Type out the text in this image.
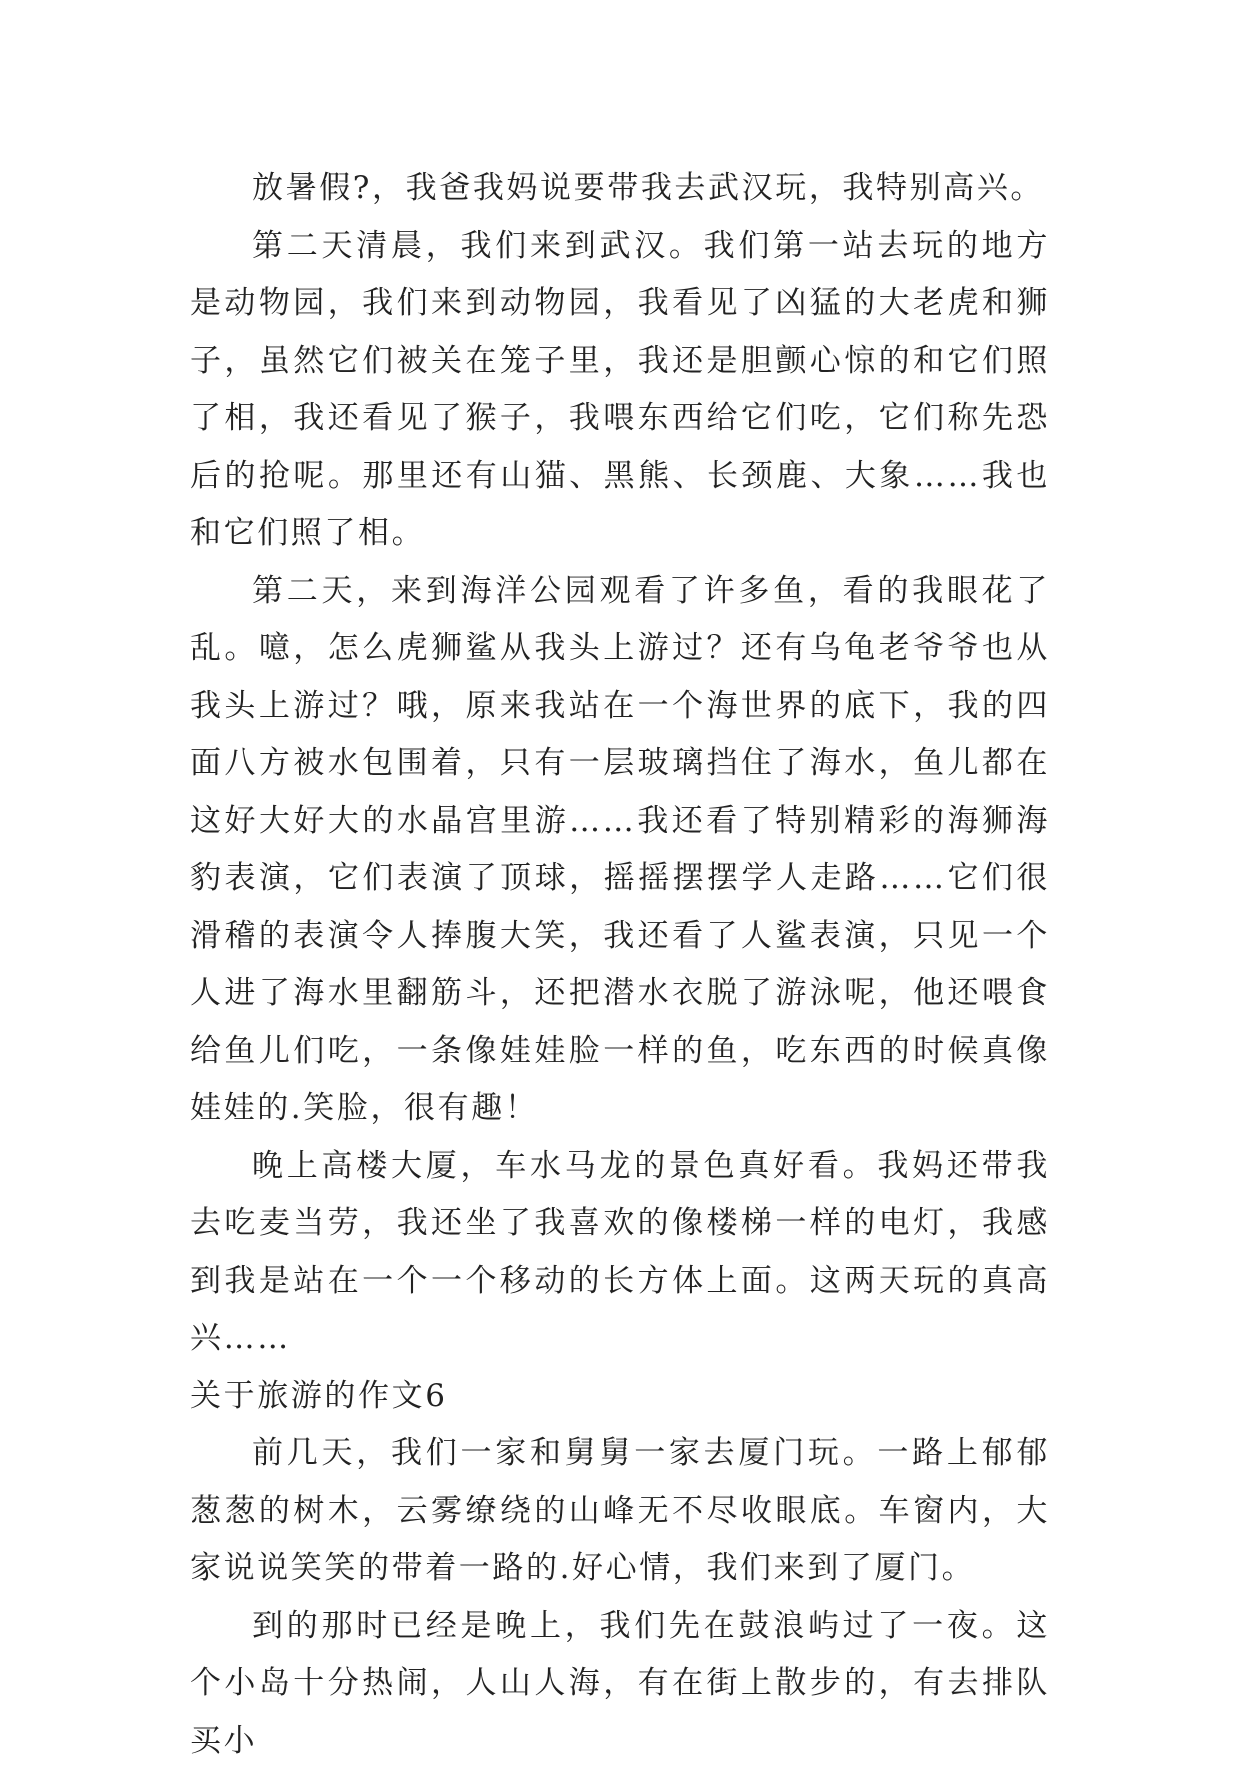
放暑假?，我爸我妈说要带我去武汉玩，我特别高兴。

第二天清晨，我们来到武汉。我们第一站去玩的地方是动物园，我们来到动物园，我看见了凶猛的大老虎和狮子，虽然它们被关在笼子里，我还是胆颤心惊的和它们照了相，我还看见了猴子，我喂东西给它们吃，它们称先恐后的抢呢。那里还有山猫、黑熊、长颈鹿、大象……我也和它们照了相。

第二天，来到海洋公园观看了许多鱼，看的我眼花了乱。噫，怎么虎狮鲨从我头上游过？还有乌龟老爷爷也从我头上游过？哦，原来我站在一个海世界的底下，我的四面八方被水包围着，只有一层玻璃挡住了海水，鱼儿都在这好大好大的水晶宫里游……我还看了特别精彩的海狮海豹表演，它们表演了顶球，摇摇摆摆学人走路……它们很滑稽的表演令人捧腹大笑，我还看了人鲨表演，只见一个人进了海水里翻筋斗，还把潜水衣脱了游泳呢，他还喂食给鱼儿们吃，一条像娃娃脸一样的鱼，吃东西的时候真像娃娃的.笑脸，很有趣！

晚上高楼大厦，车水马龙的景色真好看。我妈还带我去吃麦当劳，我还坐了我喜欢的像楼梯一样的电灯，我感到我是站在一个一个移动的长方体上面。这两天玩的真高兴……

关于旅游的作文6

前几天，我们一家和舅舅一家去厦门玩。一路上郁郁葱葱的树木，云雾缭绕的山峰无不尽收眼底。车窗内，大家说说笑笑的带着一路的.好心情，我们来到了厦门。

到的那时已经是晚上，我们先在鼓浪屿过了一夜。这个小岛十分热闹，人山人海，有在街上散步的，有去排队买小
